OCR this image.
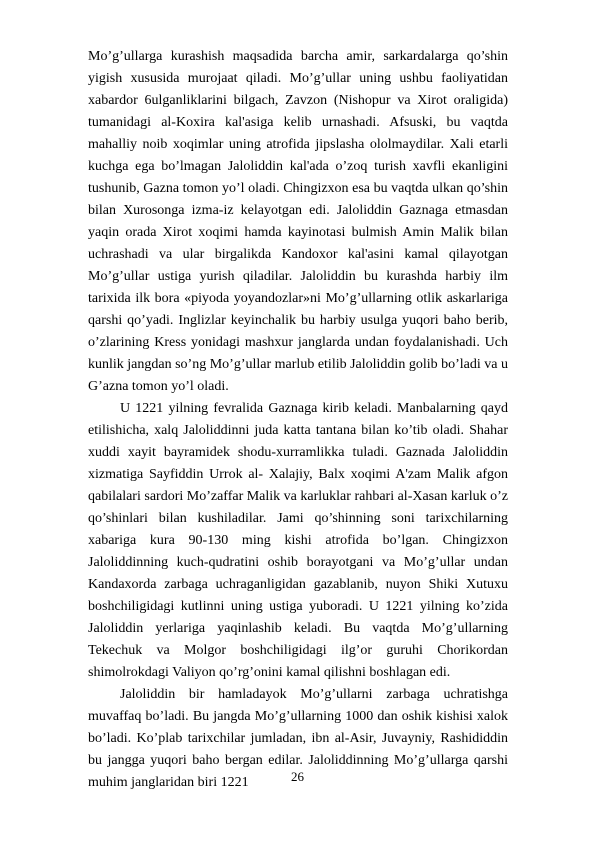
Mo’g’ullarga kurashish maqsadida barcha amir, sarkardalarga qo’shin yigish xususida murojaat qiladi. Mo’g’ullar uning ushbu faoliyatidan xabardor 6ulganliklarini bilgach, Zavzon (Nishopur va Xirot oraligida) tumanidagi al-Koxira kal'asiga kelib urnashadi. Afsuski, bu vaqtda mahalliy noib xoqimlar uning atrofida jipslasha ololmaydilar. Xali etarli kuchga ega bo’lmagan Jaloliddin kal'ada o’zoq turish xavfli ekanligini tushunib, Gazna tomon yo’l oladi. Chingizxon esa bu vaqtda ulkan qo’shin bilan Xurosonga izma-iz kelayotgan edi. Jaloliddin Gaznaga etmasdan yaqin orada Xirot xoqimi hamda kayinotasi bulmish Amin Malik bilan uchrashadi va ular birgalikda Kandoxor kal'asini kamal qilayotgan Mo’g’ullar ustiga yurish qiladilar. Jaloliddin bu kurashda harbiy ilm tarixida ilk bora «piyoda yoyandozlar»ni Mo’g’ullarning otlik askarlariga qarshi qo’yadi. Inglizlar keyinchalik bu harbiy usulga yuqori baho berib, o’zlarining Kress yonidagi mashxur janglarda undan foydalanishadi. Uch kunlik jangdan so’ng Mo’g’ullar marlub etilib Jaloliddin golib bo’ladi va u G’azna tomon yo’l oladi.

U 1221 yilning fevralida Gaznaga kirib keladi. Manbalarning qayd etilishicha, xalq Jaloliddinni juda katta tantana bilan ko’tib oladi. Shahar xuddi xayit bayramidek shodu-xurramlikka tuladi. Gaznada Jaloliddin xizmatiga Sayfiddin Urrok al- Xalajiy, Balx xoqimi A'zam Malik afgon qabilalari sardori Mo’zaffar Malik va karluklar rahbari al-Xasan karluk o’z qo’shinlari bilan kushiladilar. Jami qo’shinning soni tarixchilarning xabariga kura 90-130 ming kishi atrofida bo’lgan. Chingizxon Jaloliddinning kuch-qudratini oshib borayotgani va Mo’g’ullar undan Kandaxorda zarbaga uchraganligidan gazablanib, nuyon Shiki Xutuxu boshchiligidagi kutlinni uning ustiga yuboradi. U 1221 yilning ko’zida Jaloliddin yerlariga yaqinlashib keladi. Bu vaqtda Mo’g’ullarning Tekechuk va Molgor boshchiligidagi ilg’or guruhi Chorikordan shimolrokdagi Valiyon qo’rg’onini kamal qilishni boshlagan edi.

Jaloliddin bir hamladayok Mo’g’ullarni zarbaga uchratishga muvaffaq bo’ladi. Bu jangda Mo’g’ullarning 1000 dan oshik kishisi xalok bo’ladi. Ko’plab tarixchilar jumladan, ibn al-Asir, Juvayniy, Rashididdin bu jangga yuqori baho bergan edilar. Jaloliddinning Mo’g’ullarga qarshi muhim janglaridan biri 1221	26
